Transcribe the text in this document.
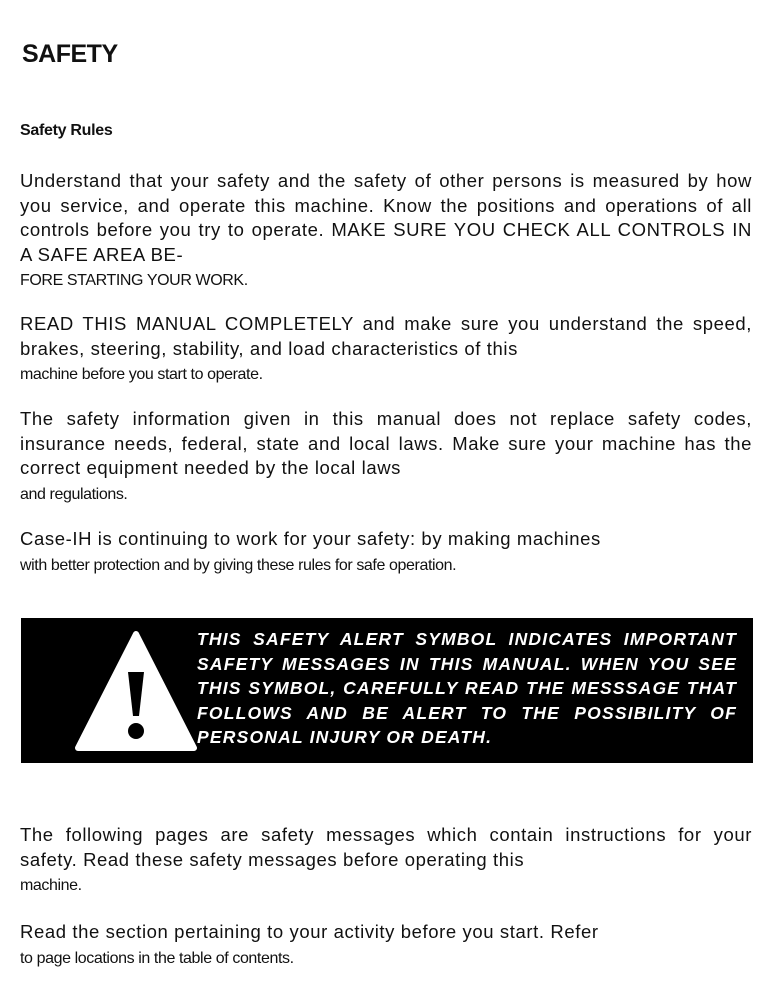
SAFETY
Safety Rules

Understand that your safety and the safety of other persons is measured by how you service, and operate this machine. Know the positions and operations of all controls before you try to operate. MAKE SURE YOU CHECK ALL CONTROLS IN A SAFE AREA BE-
FORE STARTING YOUR WORK.

READ THIS MANUAL COMPLETELY and make sure you understand the speed, brakes, steering, stability, and load characteristics of this
machine before you start to operate.

The safety information given in this manual does not replace safety codes, insurance needs, federal, state and local laws. Make sure your machine has the correct equipment needed by the local laws
and regulations.

Case-IH is continuing to work for your safety: by making machines
with better protection and by giving these rules for safe operation.

THIS SAFETY ALERT SYMBOL INDICATES IMPORTANT SAFETY MESSAGES IN THIS MANUAL. WHEN YOU SEE THIS SYMBOL, CAREFULLY READ THE MESSSAGE THAT FOLLOWS AND BE ALERT TO THE POSSIBILITY OF PERSONAL INJURY OR DEATH.

The following pages are safety messages which contain instructions for your safety. Read these safety messages before operating this
machine.

Read the section pertaining to your activity before you start. Refer
to page locations in the table of contents.
